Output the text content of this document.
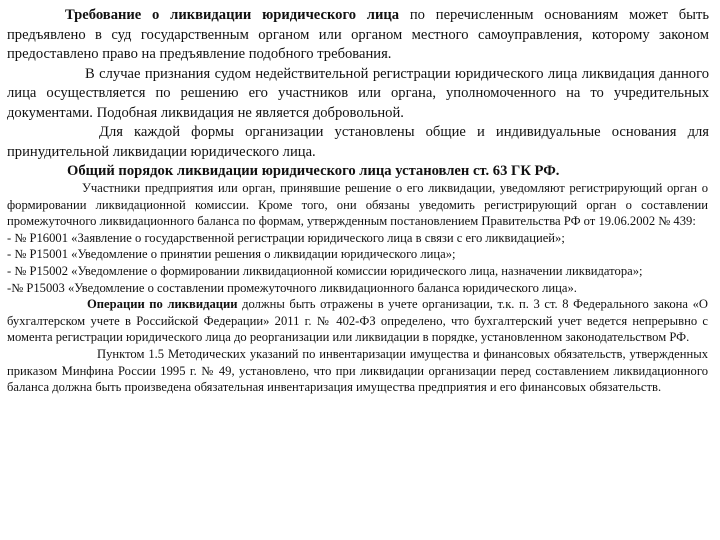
Требование о ликвидации юридического лица по перечисленным основаниям может быть предъявлено в суд государственным органом или органом местного самоуправления, которому законом предоставлено право на предъявление подобного требования.

В случае признания судом недействительной регистрации юридического лица ликвидация данного лица осуществляется по решению его участников или органа, уполномоченного на то учредительных документами. Подобная ликвидация не является добровольной.

Для каждой формы организации установлены общие и индивидуальные основания для принудительной ликвидации юридического лица.

Общий порядок ликвидации юридического лица установлен ст. 63 ГК РФ.

Участники предприятия или орган, принявшие решение о его ликвидации, уведомляют регистрирующий орган о формировании ликвидационной комиссии. Кроме того, они обязаны уведомить регистрирующий орган о составлении промежуточного ликвидационного баланса по формам, утвержденным постановлением Правительства РФ от 19.06.2002 № 439:

- № Р16001 «Заявление о государственной регистрации юридического лица в связи с его ликвидацией»;

- № Р15001 «Уведомление о принятии решения о ликвидации юридического лица»;

- № Р15002 «Уведомление о формировании ликвидационной комиссии юридического лица, назначении ликвидатора»;

-№ Р15003 «Уведомление о составлении промежуточного ликвидационного баланса юридического лица».

Операции по ликвидации должны быть отражены в учете организации, т.к. п. 3 ст. 8 Федерального закона «О бухгалтерском учете в Российской Федерации» 2011 г. № 402-ФЗ определено, что бухгалтерский учет ведется непрерывно с момента регистрации юридического лица до реорганизации или ликвидации в порядке, установленном законодательством РФ.

Пунктом 1.5 Методических указаний по инвентаризации имущества и финансовых обязательств, утвержденных приказом Минфина России 1995 г. № 49, установлено, что при ликвидации организации перед составлением ликвидационного баланса должна быть произведена обязательная инвентаризация имущества предприятия и его финансовых обязательств.
